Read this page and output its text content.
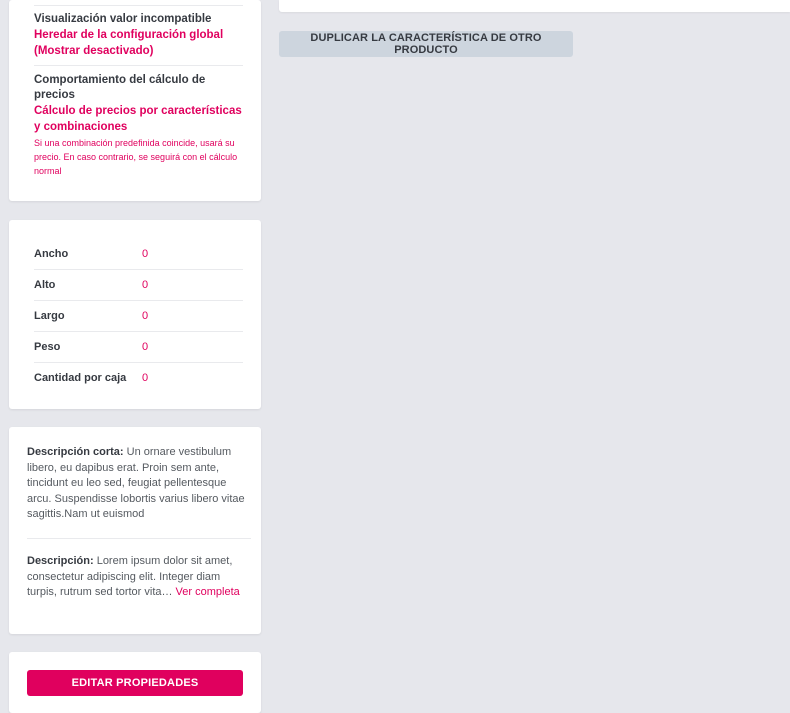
Visualización valor incompatible
Heredar de la configuración global (Mostrar desactivado)
Comportamiento del cálculo de precios
Cálculo de precios por características y combinaciones
Si una combinación predefinida coincide, usará su precio. En caso contrario, se seguirá con el cálculo normal
Ancho	0
Alto	0
Largo	0
Peso	0
Cantidad por caja	0
Descripción corta: Un ornare vestibulum libero, eu dapibus erat. Proin sem ante, tincidunt eu leo sed, feugiat pellentesque arcu. Suspendisse lobortis varius libero vitae sagittis.Nam ut euismod
Descripción: Lorem ipsum dolor sit amet, consectetur adipiscing elit. Integer diam turpis, rutrum sed tortor vita… Ver completa
EDITAR PROPIEDADES
DUPLICAR LA CARACTERÍSTICA DE OTRO PRODUCTO
